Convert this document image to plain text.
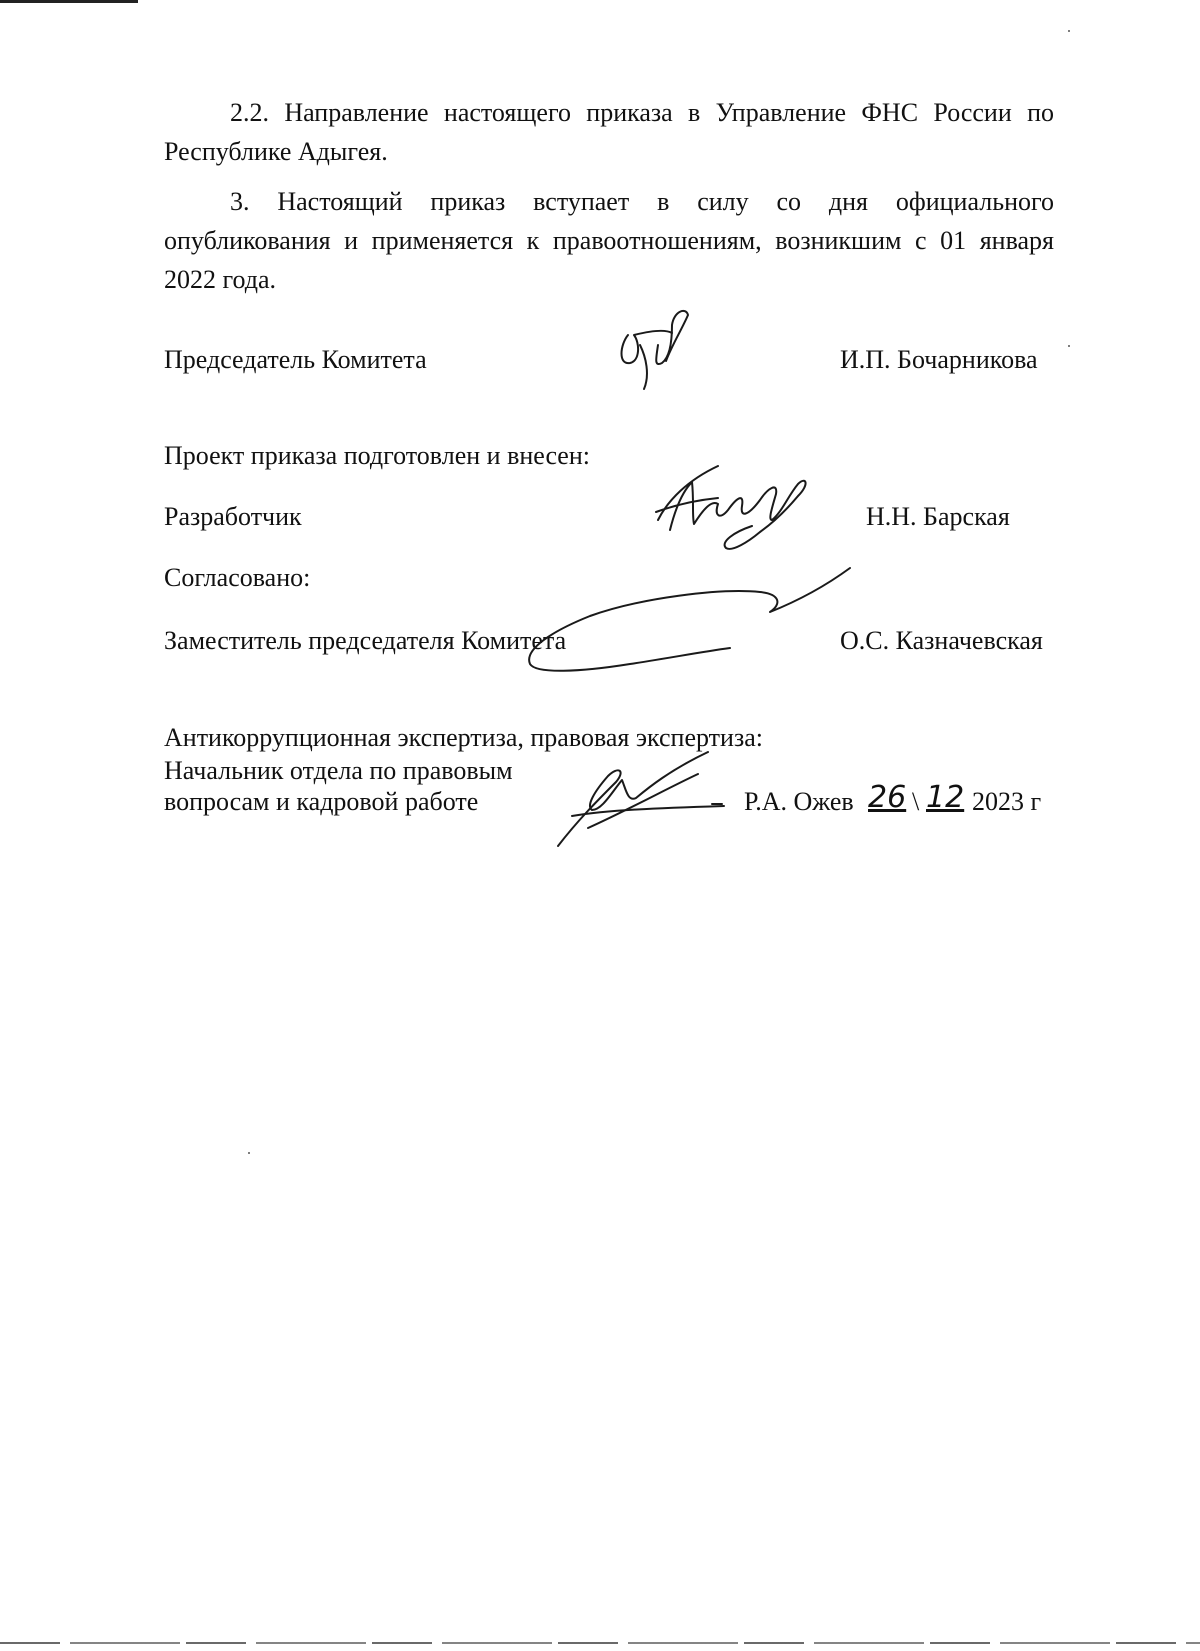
2.2. Направление настоящего приказа в Управление ФНС России по Республике Адыгея.
3. Настоящий приказ вступает в силу со дня официального опубликования и применяется к правоотношениям, возникшим с 01 января 2022 года.
Председатель Комитета	И.П. Бочарникова
Проект приказа подготовлен и внесен:
Разработчик	Н.Н. Барская
Согласовано:
Заместитель председателя Комитета	О.С. Казначевская
Антикоррупционная экспертиза, правовая экспертиза:
Начальник отдела по правовым
вопросам и кадровой работе	Р.А. Ожев 26 \ 12 2023 г
